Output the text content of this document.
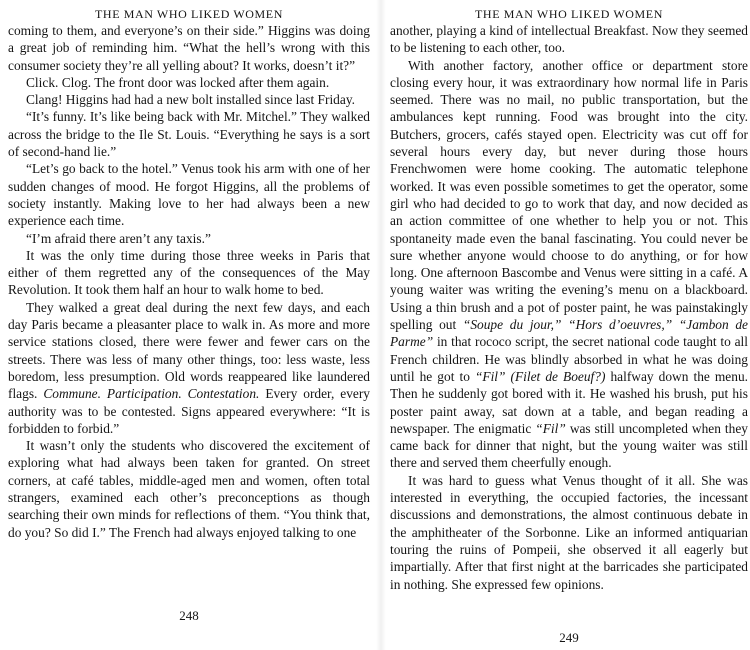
THE MAN WHO LIKED WOMEN

coming to them, and everyone’s on their side.” Higgins was doing a great job of reminding him. “What the hell’s wrong with this consumer society they’re all yelling about? It works, doesn’t it?”

Click. Clog. The front door was locked after them again.

Clang! Higgins had had a new bolt installed since last Friday.

“It’s funny. It’s like being back with Mr. Mitchel.” They walked across the bridge to the Ile St. Louis. “Everything he says is a sort of second-hand lie.”

“Let’s go back to the hotel.” Venus took his arm with one of her sudden changes of mood. He forgot Higgins, all the problems of society instantly. Making love to her had always been a new experience each time.

“I’m afraid there aren’t any taxis.”

It was the only time during those three weeks in Paris that either of them regretted any of the consequences of the May Revolution. It took them half an hour to walk home to bed.

They walked a great deal during the next few days, and each day Paris became a pleasanter place to walk in. As more and more service stations closed, there were fewer and fewer cars on the streets. There was less of many other things, too: less waste, less boredom, less presumption. Old words reappeared like laundered flags. Commune. Participation. Contestation. Every order, every authority was to be contested. Signs appeared everywhere: “It is forbidden to forbid.”

It wasn’t only the students who discovered the excitement of exploring what had always been taken for granted. On street corners, at café tables, middle-aged men and women, often total strangers, examined each other’s preconceptions as though searching their own minds for reflections of them. “You think that, do you? So did I.” The French had always enjoyed talking to one

248
THE MAN WHO LIKED WOMEN

another, playing a kind of intellectual Breakfast. Now they seemed to be listening to each other, too.

With another factory, another office or department store closing every hour, it was extraordinary how normal life in Paris seemed. There was no mail, no public transportation, but the ambulances kept running. Food was brought into the city. Butchers, grocers, cafés stayed open. Electricity was cut off for several hours every day, but never during those hours Frenchwomen were home cooking. The automatic telephone worked. It was even possible sometimes to get the operator, some girl who had decided to go to work that day, and now decided as an action committee of one whether to help you or not. This spontaneity made even the banal fascinating. You could never be sure whether anyone would choose to do anything, or for how long. One afternoon Bascombe and Venus were sitting in a café. A young waiter was writing the evening’s menu on a blackboard. Using a thin brush and a pot of poster paint, he was painstakingly spelling out “Soupe du jour,” “Hors d’oeuvres,” “Jambon de Parme” in that rococo script, the secret national code taught to all French children. He was blindly absorbed in what he was doing until he got to “Fil” (Filet de Boeuf?) halfway down the menu. Then he suddenly got bored with it. He washed his brush, put his poster paint away, sat down at a table, and began reading a newspaper. The enigmatic “Fil” was still uncompleted when they came back for dinner that night, but the young waiter was still there and served them cheerfully enough.

It was hard to guess what Venus thought of it all. She was interested in everything, the occupied factories, the incessant discussions and demonstrations, the almost continuous debate in the amphitheater of the Sorbonne. Like an informed antiquarian touring the ruins of Pompeii, she observed it all eagerly but impartially. After that first night at the barricades she participated in nothing. She expressed few opinions.

249
